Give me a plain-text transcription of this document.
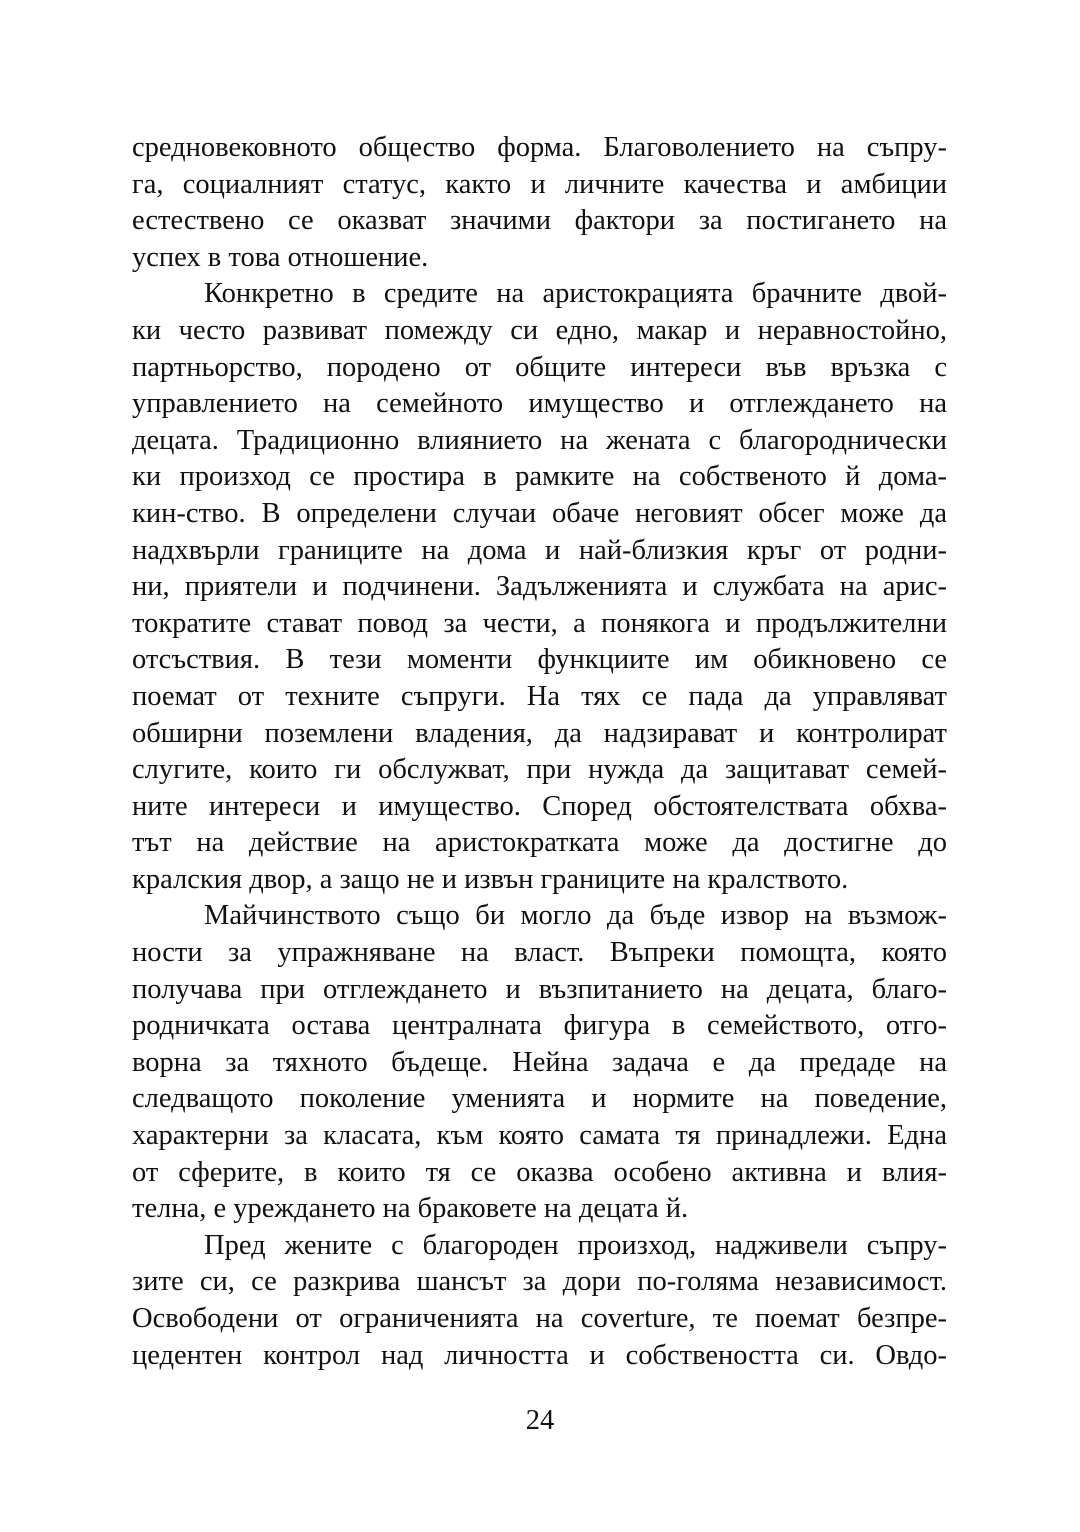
средновековното общество форма. Благоволението на съпру-
га, социалният статус, както и личните качества и амбиции
естествено се оказват значими фактори за постигането на
успех в това отношение.
Конкретно в средите на аристокрацията брачните двой-
ки често развиват помежду си едно, макар и неравностойно,
партньорство, породено от общите интереси във връзка с
управлението на семейното имущество и отглеждането на
децата. Традиционно влиянието на жената с благороднически
ки произход се простира в рамките на собственото й дома-
кин-ство. В определени случаи обаче неговият обсег може да
надхвърли границите на дома и най-близкия кръг от родни-
ни, приятели и подчинени. Задълженията и службата на арис-
тократите стават повод за чести, а понякога и продължителни
отсъствия. В тези моменти функциите им обикновено се
поемат от техните съпруги. На тях се пада да управляват
обширни поземлени владения, да надзирават и контролират
слугите, които ги обслужват, при нужда да защитават семей-
ните интереси и имущество. Според обстоятелствата обхва-
тът на действие на аристократката може да достигне до
кралския двор, а защо не и извън границите на кралството.
Майчинството също би могло да бъде извор на възмож-
ности за упражняване на власт. Въпреки помощта, която
получава при отглеждането и възпитанието на децата, благо-
родничката остава централната фигура в семейството, отго-
ворна за тяхното бъдеще. Нейна задача е да предаде на
следващото поколение уменията и нормите на поведение,
характерни за класата, към която самата тя принадлежи. Една
от сферите, в които тя се оказва особено активна и влия-
телна, е уреждането на браковете на децата й.
Пред жените с благороден произход, надживели съпру-
зите си, се разкрива шансът за дори по-голяма независимост.
Освободени от ограниченията на coverture, те поемат безпре-
цедентен контрол над личността и собствеността си. Овдо-
24
